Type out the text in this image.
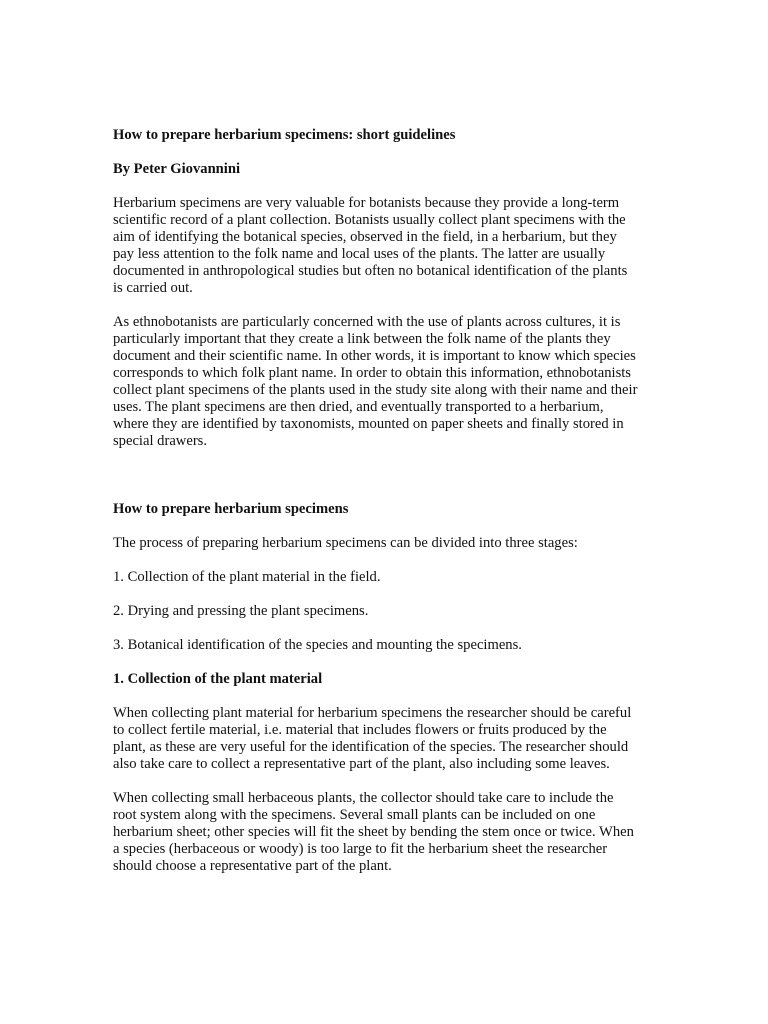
How to prepare herbarium specimens: short guidelines

By Peter Giovannini

Herbarium specimens are very valuable for botanists because they provide a long-term
scientific record of a plant collection. Botanists usually collect plant specimens with the
aim of identifying the botanical species, observed in the field, in a herbarium, but they
pay less attention to the folk name and local uses of the plants. The latter are usually
documented in anthropological studies but often no botanical identification of the plants
is carried out.

As ethnobotanists are particularly concerned with the use of plants across cultures, it is
particularly important that they create a link between the folk name of the plants they
document and their scientific name. In other words, it is important to know which species
corresponds to which folk plant name. In order to obtain this information, ethnobotanists
collect plant specimens of the plants used in the study site along with their name and their
uses. The plant specimens are then dried, and eventually transported to a herbarium,
where they are identified by taxonomists, mounted on paper sheets and finally stored in
special drawers.

How to prepare herbarium specimens

The process of preparing herbarium specimens can be divided into three stages:

1. Collection of the plant material in the field.

2. Drying and pressing the plant specimens.

3. Botanical identification of the species and mounting the specimens.

1. Collection of the plant material

When collecting plant material for herbarium specimens the researcher should be careful
to collect fertile material, i.e. material that includes flowers or fruits produced by the
plant, as these are very useful for the identification of the species. The researcher should
also take care to collect a representative part of the plant, also including some leaves.

When collecting small herbaceous plants, the collector should take care to include the
root system along with the specimens. Several small plants can be included on one
herbarium sheet; other species will fit the sheet by bending the stem once or twice. When
a species (herbaceous or woody) is too large to fit the herbarium sheet the researcher
should choose a representative part of the plant.
